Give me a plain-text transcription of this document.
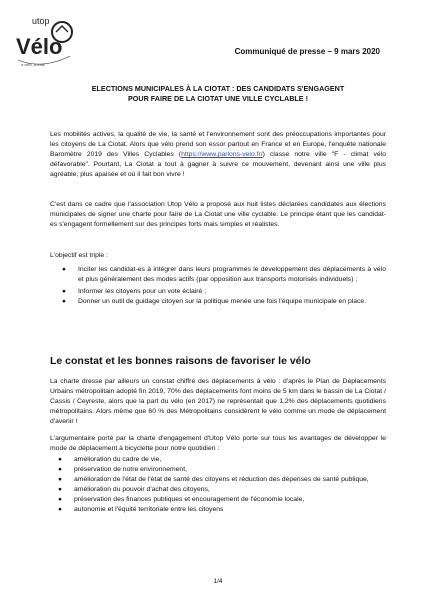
utop
Vélo
à vélo, à tous
Communiqué de presse – 9 mars 2020
ELECTIONS MUNICIPALES À LA CIOTAT : DES CANDIDATS S'ENGAGENT
POUR FAIRE DE LA CIOTAT UNE VILLE CYCLABLE !

Les mobilités actives, la qualité de vie, la santé et l'environnement sont des préoccupations importantes pour les citoyens de La Ciotat. Alors que vélo prend son essor partout en France et en Europe, l'enquête nationale Baromètre 2019 des Villes Cyclables (https://www.parlons-velo.fr/) classe notre ville "F - climat vélo défavorable". Pourtant, La Ciotat a tout à gagner à suivre ce mouvement, devenant ainsi une ville plus agréable, plus apaisée et où il fait bon vivre !

C'est dans ce cadre que l'association Utop Vélo a proposé aux huit listes déclarées candidates aux élections municipales de signer une charte pour faire de La Ciotat une ville cyclable. Le principe étant que les candidat-es s'engagent formellement sur des principes forts mais simples et réalistes.

L'objectif est triple :

● Inciter les candidat-es à intégrer dans leurs programmes le développement des déplacements à vélo et plus généralement des modes actifs (par opposition aux transports motorisés individuels) ;
● Informer les citoyens pour un vote éclairé ;
● Donner un outil de guidage citoyen sur la politique menée une fois l'équipe municipale en place.
Le constat et les bonnes raisons de favoriser le vélo

La charte dresse par ailleurs un constat chiffré des déplacements à vélo : d'après le Plan de Déplacements Urbains métropolitain adopté fin 2019, 70% des déplacements font moins de 5 km dans le bassin de La Ciotat / Cassis / Ceyreste, alors que la part du vélo (en 2017) ne représentait que 1,2% des déplacements quotidiens métropolitains. Alors même que 60 % des Métropolitains considèrent le vélo comme un mode de déplacement d'avenir !

L'argumentaire porté par la charte d'engagement d'Utop Vélo porte sur tous les avantages de développer le mode de déplacement à bicyclette pour notre quotidien :

● amélioration du cadre de vie,
● préservation de notre environnement,
● amélioration de l'état de l'état de santé des citoyens et réduction des dépenses de santé publique,
● amélioration du pouvoir d'achat des citoyens,
● préservation des finances publiques et encouragement de l'économie locale,
● autonomie et l'équité territoriale entre les citoyens
1/4
